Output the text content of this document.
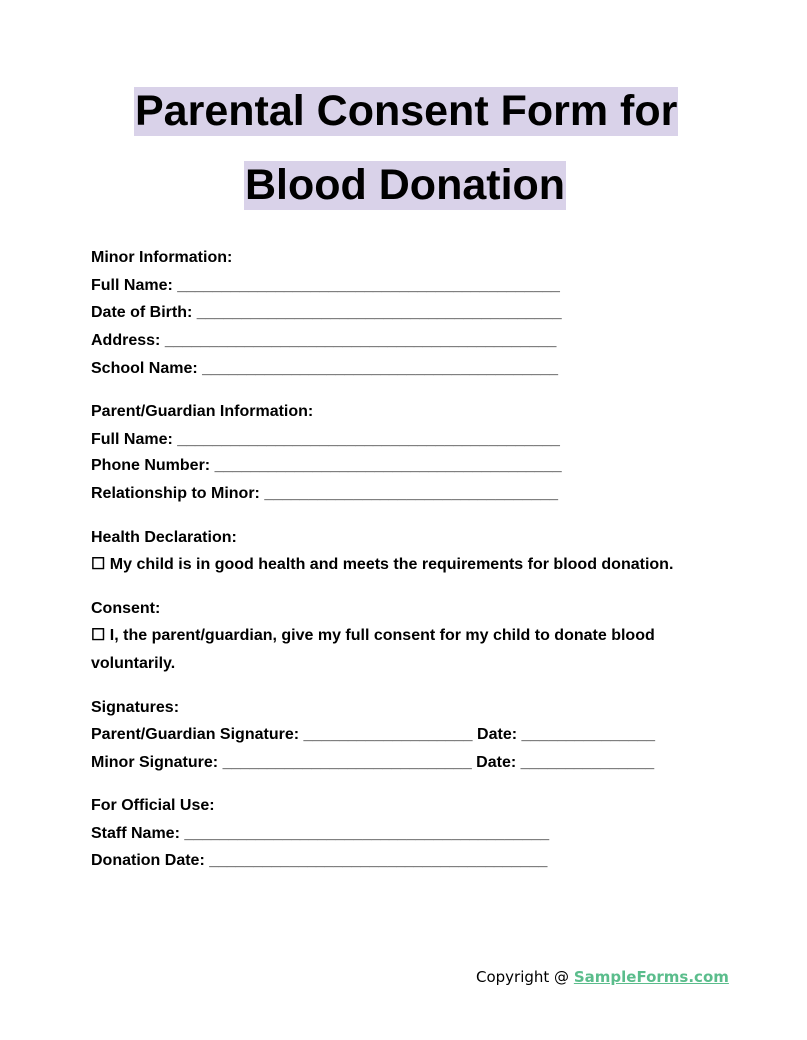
Parental Consent Form for
Blood Donation
Minor Information:
Full Name: ___________________________________________
Date of Birth: _________________________________________
Address: ____________________________________________
School Name: ________________________________________
Parent/Guardian Information:
Full Name: ___________________________________________
Phone Number: _______________________________________
Relationship to Minor: _________________________________
Health Declaration:
☐ My child is in good health and meets the requirements for blood donation.
Consent:
☐ I, the parent/guardian, give my full consent for my child to donate blood
voluntarily.
Signatures:
Parent/Guardian Signature: ___________________ Date: _______________
Minor Signature: ____________________________ Date: _______________
For Official Use:
Staff Name: _________________________________________
Donation Date: ______________________________________
Copyright @ SampleForms.com
